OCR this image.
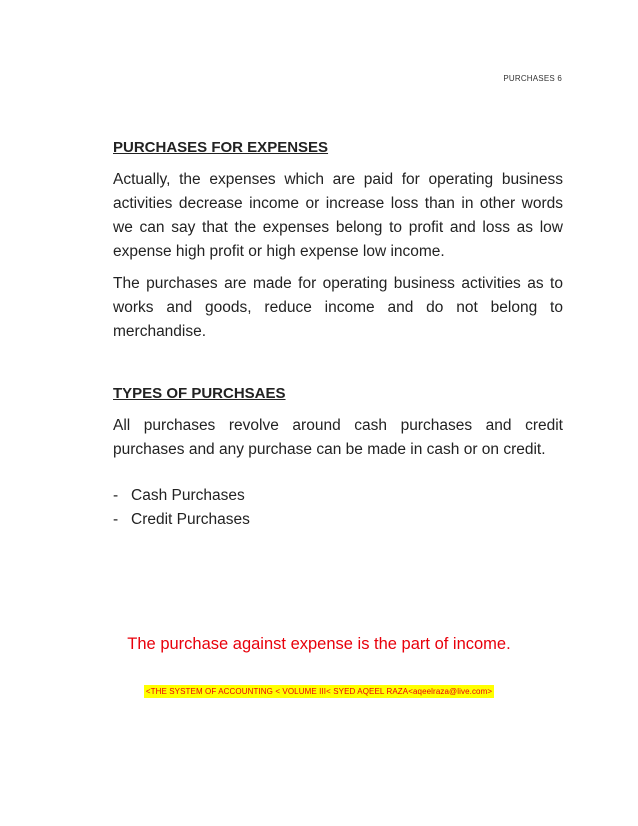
PURCHASES 6
PURCHASES FOR EXPENSES

Actually, the expenses which are paid for operating business activities decrease income or increase loss than in other words we can say that the expenses belong to profit and loss as low expense high profit or high expense low income.

The purchases are made for operating business activities as to works and goods, reduce income and do not belong to merchandise.

TYPES OF PURCHSAES

All purchases revolve around cash purchases and credit purchases and any purchase can be made in cash or on credit.

- Cash Purchases
- Credit Purchases
The purchase against expense is the part of income.
<THE SYSTEM OF ACCOUNTING < VOLUME III< SYED AQEEL RAZA<aqeelraza@live.com>
